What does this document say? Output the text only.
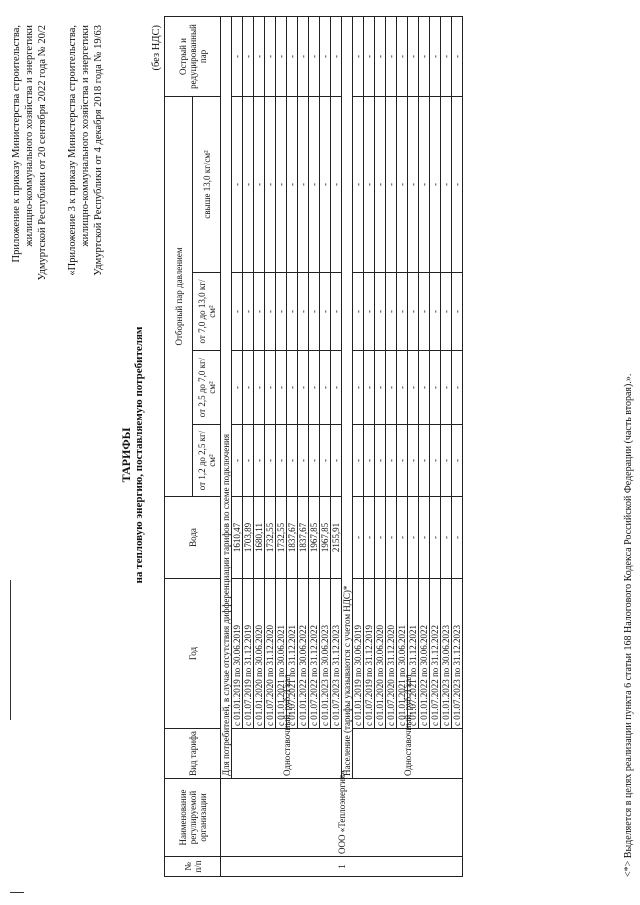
Приложение к приказу Министерства строительства, жилищно-коммунального хозяйства и энергетики Удмуртской Республики от 20 сентября 2022 года № 20/2 «Приложение 3 к приказу Министерства строительства, жилищно-коммунального хозяйства и энергетики Удмуртской Республики от 4 декабря 2018 года № 19/63
ТАРИФЫ на тепловую энергию, поставляемую потребителям
(без НДС)
№ п/п	Наименование регулируемой организации	Вид тарифа	Год	Вода	Отборный пар давлением				Острый и редуцированный пар
					от 1,2 до 2,5 кг/см²	от 2,5 до 7,0 кг/см²	от 7,0 до 13,0 кг/см²	свыше 13,0 кг/см²	
1	ООО «Теплоэнергия»	Для потребителей, в случае отсутствия дифференциации тарифов по схеме подключения							
		Одноставочный, руб./Гкал	с 01.01.2019 по 30.06.2019	1610,47	-	-	-	-	-
			с 01.07.2019 по 31.12.2019	1703,89	-	-	-	-	-
			с 01.01.2020 по 30.06.2020	1680,11	-	-	-	-	-
			с 01.07.2020 по 31.12.2020	1732,55	-	-	-	-	-
			с 01.01.2021 по 30.06.2021	1732,55	-	-	-	-	-
			с 01.07.2021 по 31.12.2021	1837,67	-	-	-	-	-
			с 01.01.2022 по 30.06.2022	1837,67	-	-	-	-	-
			с 01.07.2022 по 31.12.2022	1967,85	-	-	-	-	-
			с 01.01.2023 по 30.06.2023	1967,85	-	-	-	-	-
			с 01.07.2023 по 31.12.2023	2155,91	-	-	-	-	-
		Население (тарифы указываются с учетом НДС)*							
		Одноставочный, руб./Гкал	с 01.01.2019 по 30.06.2019	-	-	-	-	-	-
			с 01.07.2019 по 31.12.2019	-	-	-	-	-	-
			с 01.01.2020 по 30.06.2020	-	-	-	-	-	-
			с 01.07.2020 по 31.12.2020	-	-	-	-	-	-
			с 01.01.2021 по 30.06.2021	-	-	-	-	-	-
			с 01.07.2021 по 31.12.2021	-	-	-	-	-	-
			с 01.01.2022 по 30.06.2022	-	-	-	-	-	-
			с 01.07.2022 по 31.12.2022	-	-	-	-	-	-
			с 01.01.2023 по 30.06.2023	-	-	-	-	-	-
			с 01.07.2023 по 31.12.2023	-	-	-	-	-	-
<*> Выделяется в целях реализации пункта 6 статьи 168 Налогового Кодекса Российской Федерации (часть вторая).».
